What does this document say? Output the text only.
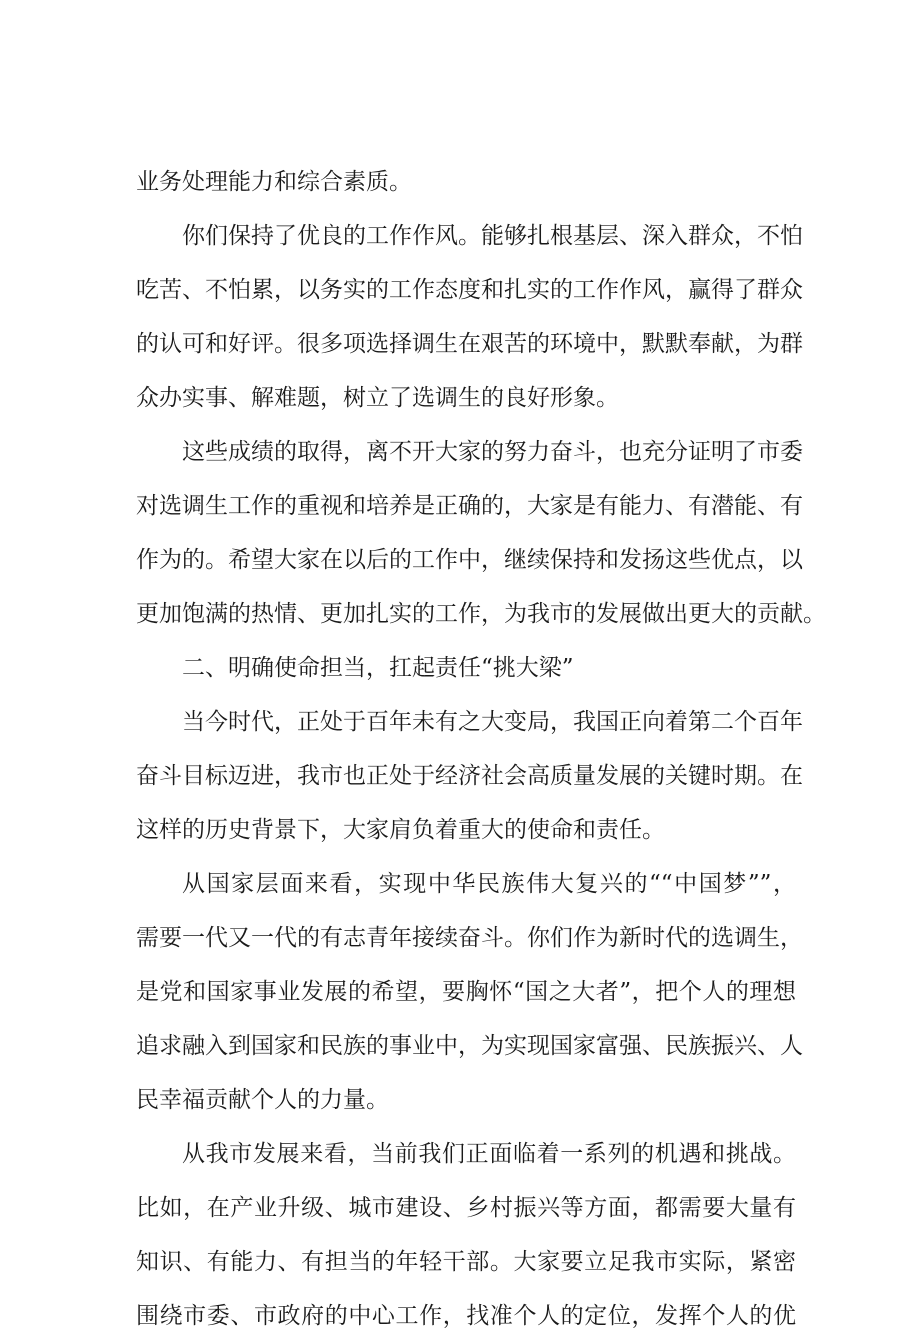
业务处理能力和综合素质。
你们保持了优良的工作作风。能够扎根基层、深入群众，不怕
吃苦、不怕累，以务实的工作态度和扎实的工作作风，赢得了群众
的认可和好评。很多项选择调生在艰苦的环境中，默默奉献，为群
众办实事、解难题，树立了选调生的良好形象。
这些成绩的取得，离不开大家的努力奋斗，也充分证明了市委
对选调生工作的重视和培养是正确的，大家是有能力、有潜能、有
作为的。希望大家在以后的工作中，继续保持和发扬这些优点，以
更加饱满的热情、更加扎实的工作，为我市的发展做出更大的贡献。
二、明确使命担当，扛起责任“挑大梁”
当今时代，正处于百年未有之大变局，我国正向着第二个百年
奋斗目标迈进，我市也正处于经济社会高质量发展的关键时期。在
这样的历史背景下，大家肩负着重大的使命和责任。
从国家层面来看，实现中华民族伟大复兴的““中国梦””，
需要一代又一代的有志青年接续奋斗。你们作为新时代的选调生，
是党和国家事业发展的希望，要胸怀“国之大者”，把个人的理想
追求融入到国家和民族的事业中，为实现国家富强、民族振兴、人
民幸福贡献个人的力量。
从我市发展来看，当前我们正面临着一系列的机遇和挑战。
比如，在产业升级、城市建设、乡村振兴等方面，都需要大量有
知识、有能力、有担当的年轻干部。大家要立足我市实际，紧密
围绕市委、市政府的中心工作，找准个人的定位，发挥个人的优
